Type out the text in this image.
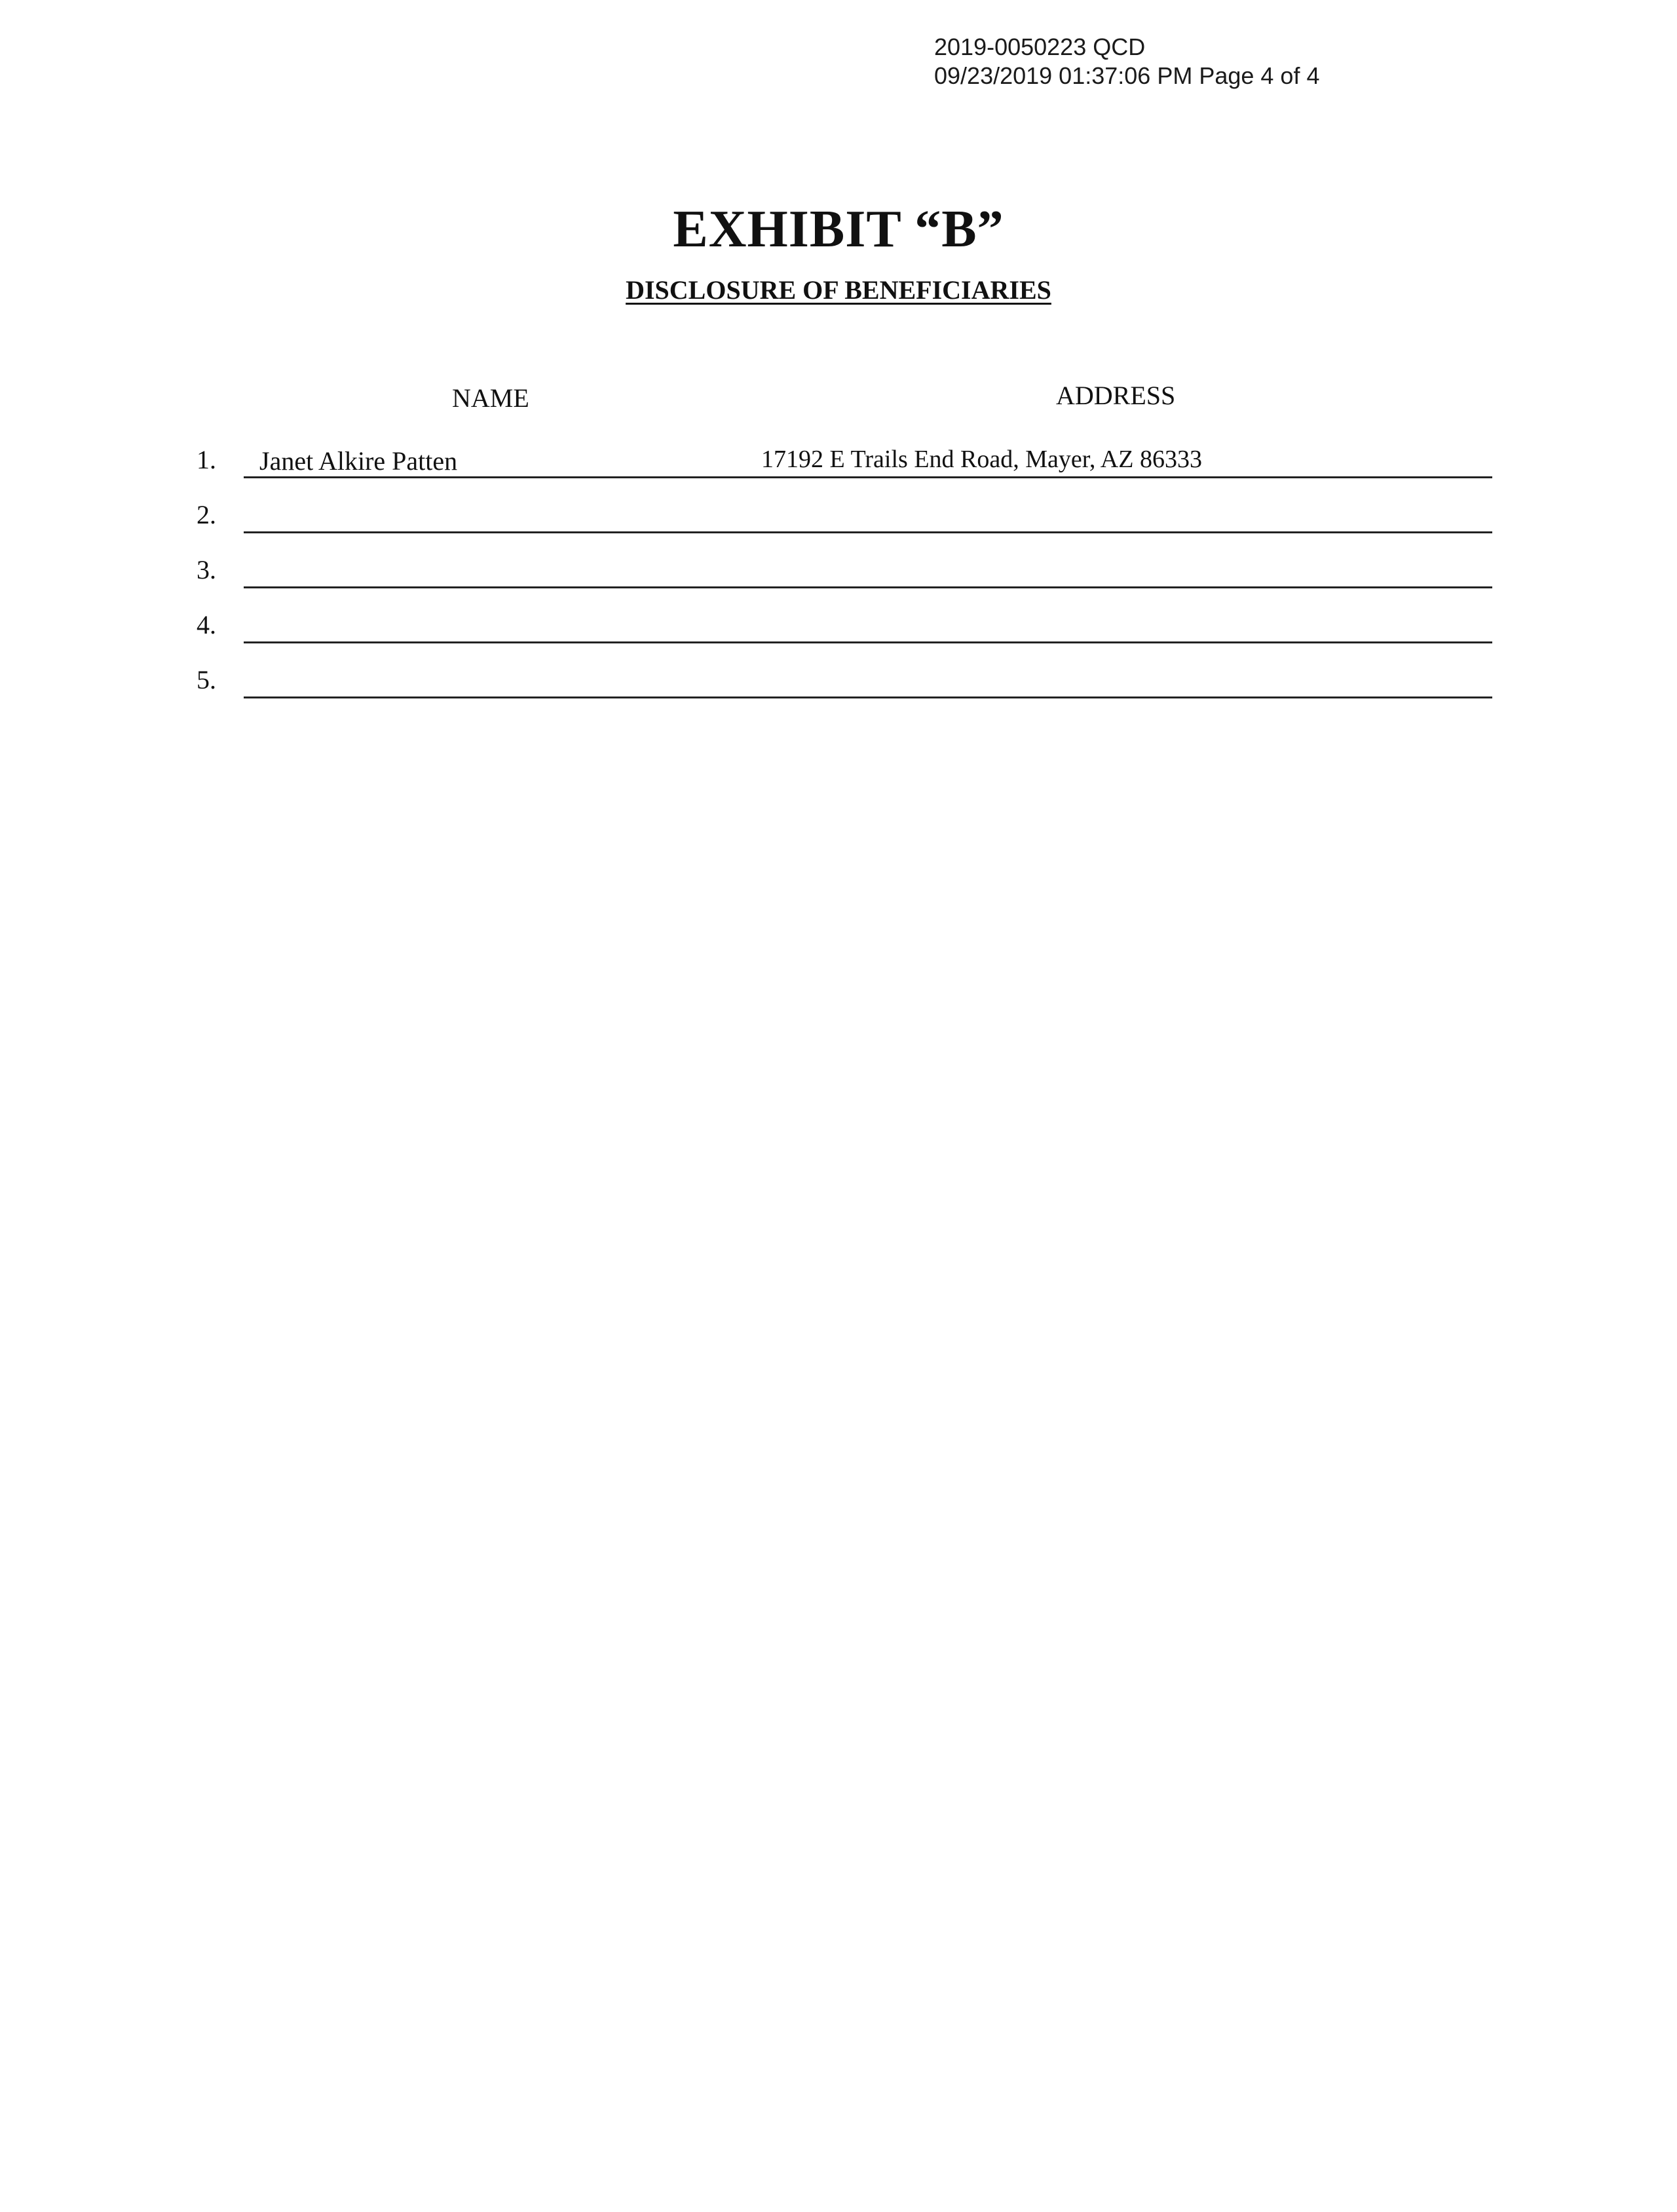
2019-0050223 QCD
09/23/2019 01:37:06 PM Page 4 of 4
EXHIBIT “B”
DISCLOSURE OF BENEFICIARIES
NAME	ADDRESS
1. Janet Alkire Patten	17192 E Trails End Road, Mayer, AZ 86333
2.
3.
4.
5.
